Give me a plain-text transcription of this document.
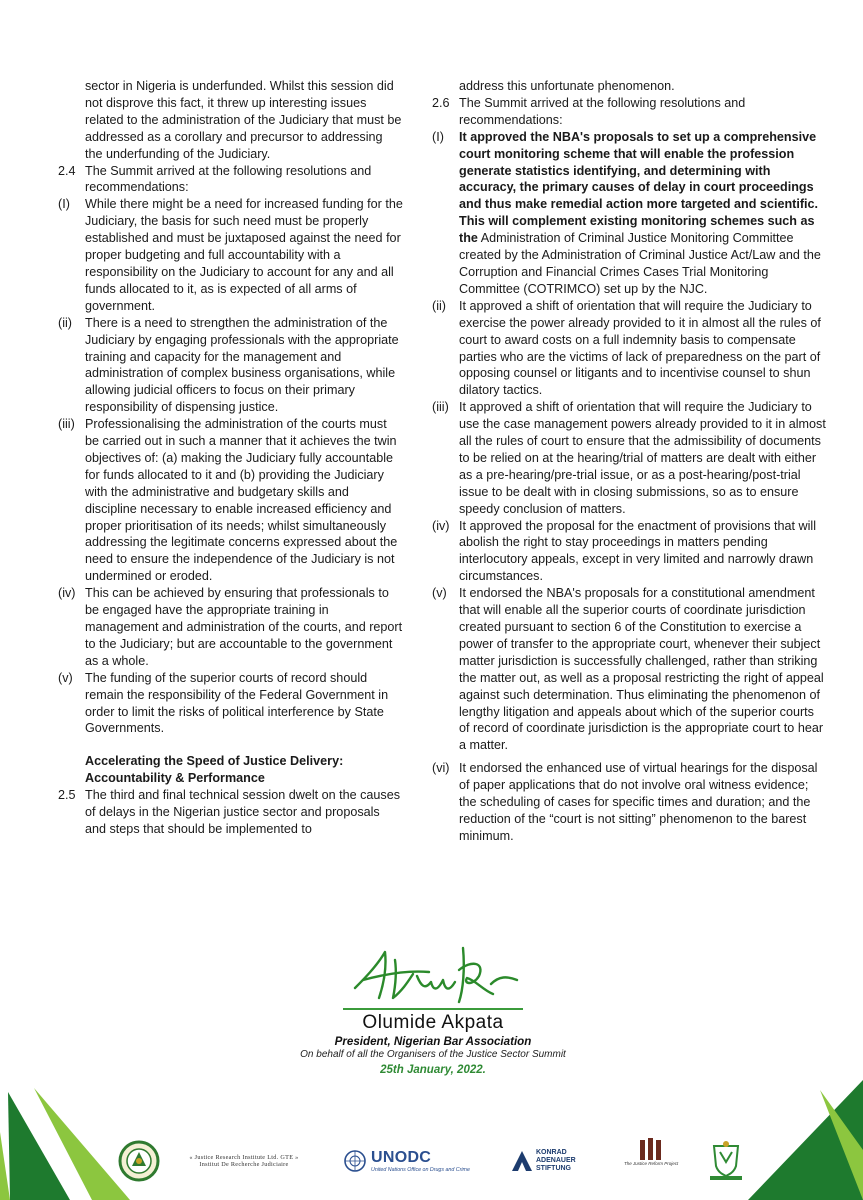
sector in Nigeria is underfunded. Whilst this session did not disprove this fact, it threw up interesting issues related to the administration of the Judiciary that must be addressed as a corollary and precursor to addressing the underfunding of the Judiciary.

2.4 The Summit arrived at the following resolutions and recommendations:
(I)	While there might be a need for increased funding for the Judiciary, the basis for such need must be properly established and must be juxtaposed against the need for proper budgeting and full accountability with a responsibility on the Judiciary to account for any and all funds allocated to it, as is expected of all arms of government.
(ii)	There is a need to strengthen the administration of the Judiciary by engaging professionals with the appropriate training and capacity for the management and administration of complex business organisations, while allowing judicial officers to focus on their primary responsibility of dispensing justice.
(iii) Professionalising the administration of the courts must be carried out in such a manner that it achieves the twin objectives of: (a) making the Judiciary fully accountable for funds allocated to it and (b) providing the Judiciary with the administrative and budgetary skills and discipline necessary to enable increased efficiency and proper prioritisation of its needs; whilst simultaneously addressing the legitimate concerns expressed about the need to ensure the independence of the Judiciary is not undermined or eroded.
(iv) This can be achieved by ensuring that professionals to be engaged have the appropriate training in management and administration of the courts, and report to the Judiciary; but are accountable to the government as a whole.
(v) The funding of the superior courts of record should remain the responsibility of the Federal Government in order to limit the risks of political interference by State Governments.
Accelerating the Speed of Justice Delivery:
Accountability & Performance
2.5 The third and final technical session dwelt on the causes of delays in the Nigerian justice sector and proposals and steps that should be implemented to

address this unfortunate phenomenon.

2.6 The Summit arrived at the following resolutions and recommendations:
(I)	It approved the NBA's proposals to set up a comprehensive court monitoring scheme that will enable the profession generate statistics identifying, and determining with accuracy, the primary causes of delay in court proceedings and thus make remedial action more targeted and scientific. This will complement existing monitoring schemes such as the Administration of Criminal Justice Monitoring Committee created by the Administration of Criminal Justice Act/Law and the Corruption and Financial Crimes Cases Trial Monitoring Committee (COTRIMCO) set up by the NJC.
(ii)	It approved a shift of orientation that will require the Judiciary to exercise the power already provided to it in almost all the rules of court to award costs on a full indemnity basis to compensate parties who are the victims of lack of preparedness on the part of opposing counsel or litigants and to incentivise counsel to shun dilatory tactics.
(iii) It approved a shift of orientation that will require the Judiciary to use the case management powers already provided to it in almost all the rules of court to ensure that the admissibility of documents to be relied on at the hearing/trial of matters are dealt with either as a pre-hearing/pre-trial issue, or as a post-hearing/post-trial issue to be dealt with in closing submissions, so as to ensure speedy conclusion of matters.
(iv) It approved the proposal for the enactment of provisions that will abolish the right to stay proceedings in matters pending interlocutory appeals, except in very limited and narrowly drawn circumstances.
(v) It endorsed the NBA's proposals for a constitutional amendment that will enable all the superior courts of coordinate jurisdiction created pursuant to section 6 of the Constitution to exercise a power of transfer to the appropriate court, whenever their subject matter jurisdiction is successfully challenged, rather than striking the matter out, as well as a proposal restricting the right of appeal against such determination. Thus eliminating the phenomenon of lengthy litigation and appeals about which of the superior courts of record of coordinate jurisdiction is the appropriate court to hear a matter.
(vi) It endorsed the enhanced use of virtual hearings for the disposal of paper applications that do not involve oral witness evidence; the scheduling of cases for specific times and duration; and the reduction of the “court is not sitting” phenomenon to the barest minimum.
Olumide Akpata
President, Nigerian Bar Association
On behalf of all the Organisers of the Justice Sector Summit
25th January, 2022.
« Justice Research Institute Ltd. GTE »
Institut De Recherche Judiciaire	UNODC
United Nations Office on Drugs and Crime
KONRAD
ADENAUER
STIFTUNG
The Justice Reform Project
